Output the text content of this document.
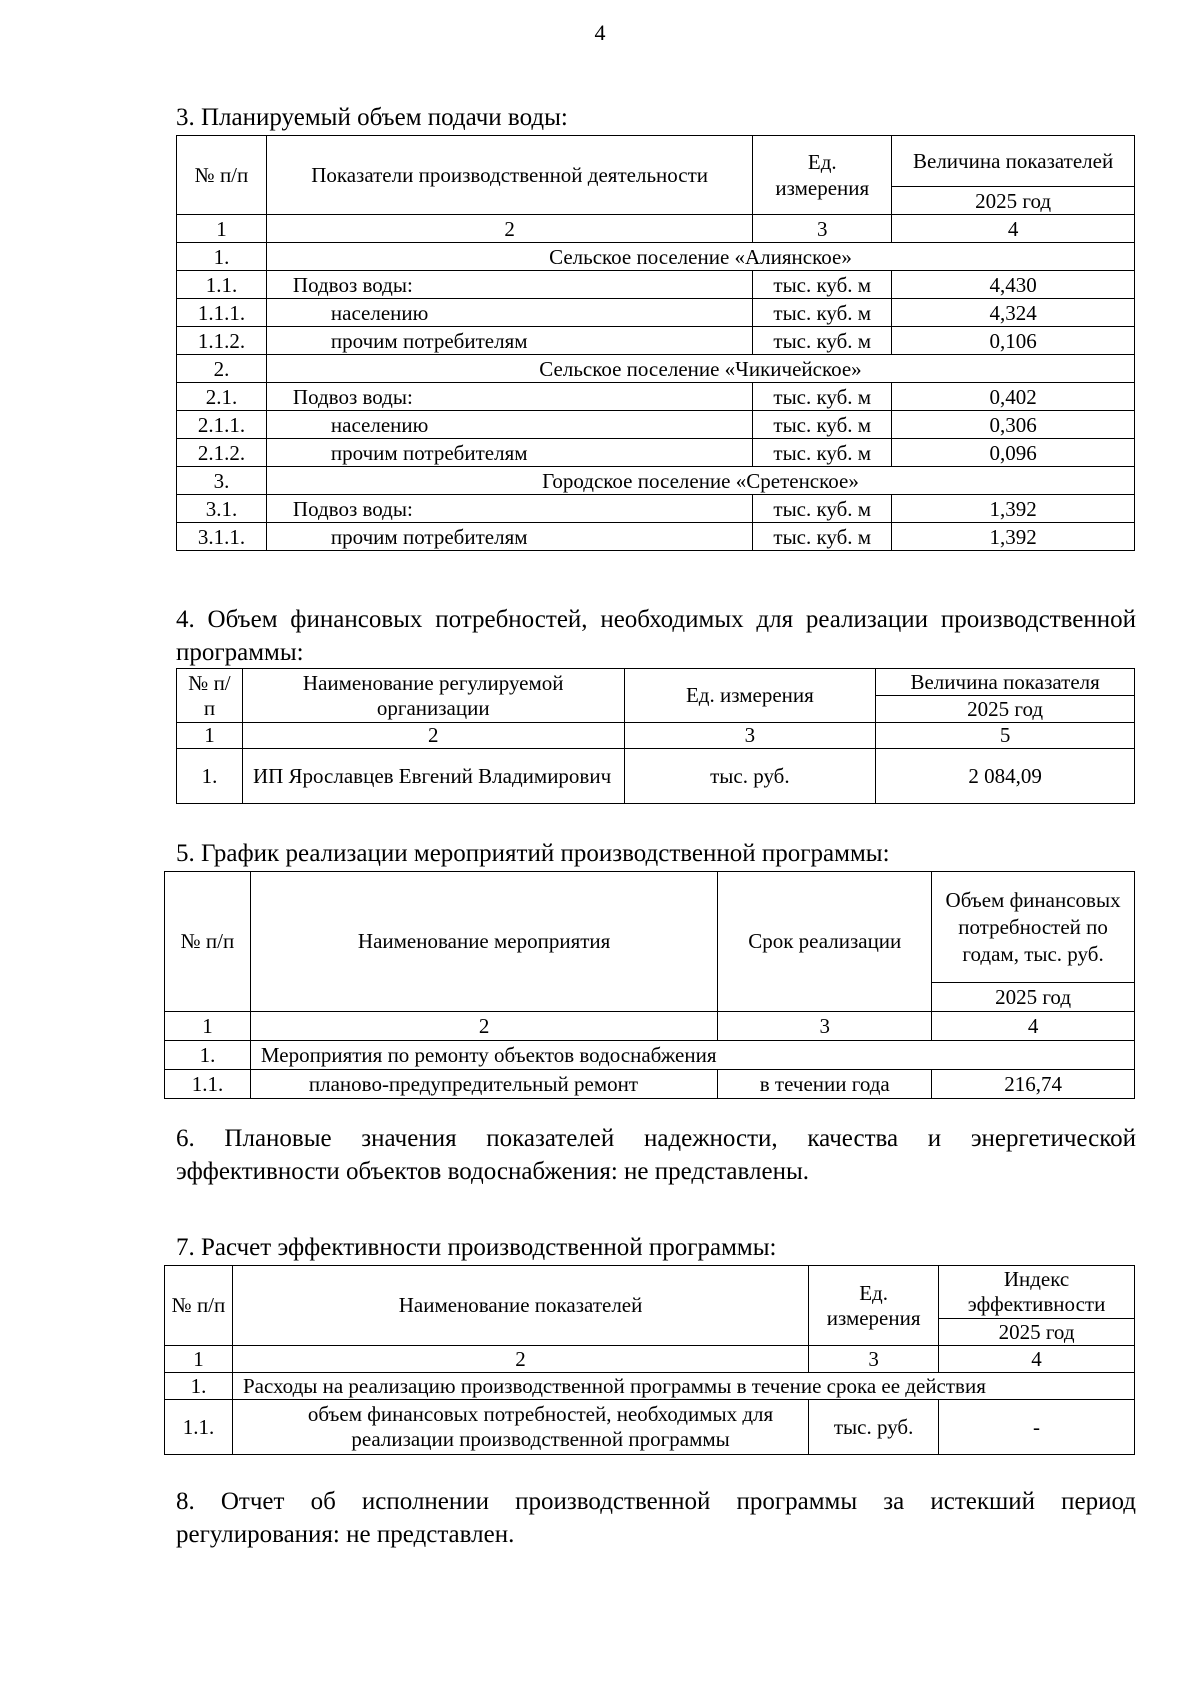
4
3. Планируемый объем подачи воды:
№ п/п	Показатели производственной деятельности	Ед. измерения	Величина показателей
			2025 год
1	2	3	4
1.	Сельское поселение «Алиянское»		
1.1.	Подвоз воды:	тыс. куб. м	4,430
1.1.1.	населению	тыс. куб. м	4,324
1.1.2.	прочим потребителям	тыс. куб. м	0,106
2.	Сельское поселение «Чикичейское»		
2.1.	Подвоз воды:	тыс. куб. м	0,402
2.1.1.	населению	тыс. куб. м	0,306
2.1.2.	прочим потребителям	тыс. куб. м	0,096
3.	Городское поселение «Сретенское»		
3.1.	Подвоз воды:	тыс. куб. м	1,392
3.1.1.	прочим потребителям	тыс. куб. м	1,392
4. Объем финансовых потребностей, необходимых для реализации производственной программы:
№ п/п	Наименование регулируемой организации	Ед. измерения	Величина показателя
			2025 год
1	2	3	5
1.	ИП Ярославцев Евгений Владимирович	тыс. руб.	2 084,09
5. График реализации мероприятий производственной программы:
№ п/п	Наименование мероприятия	Срок реализации	Объем финансовых потребностей по годам, тыс. руб.
			2025 год
1	2	3	4
1.	Мероприятия по ремонту объектов водоснабжения		
1.1.	планово-предупредительный ремонт	в течении года	216,74
6. Плановые значения показателей надежности, качества и энергетической эффективности объектов водоснабжения: не представлены.
7. Расчет эффективности производственной программы:
№ п/п	Наименование показателей	Ед. измерения	Индекс эффективности
			2025 год
1	2	3	4
1.	Расходы на реализацию производственной программы в течение срока ее действия		
1.1.	объем финансовых потребностей, необходимых для реализации производственной программы	тыс. руб.	-
8. Отчет об исполнении производственной программы за истекший период регулирования: не представлен.
